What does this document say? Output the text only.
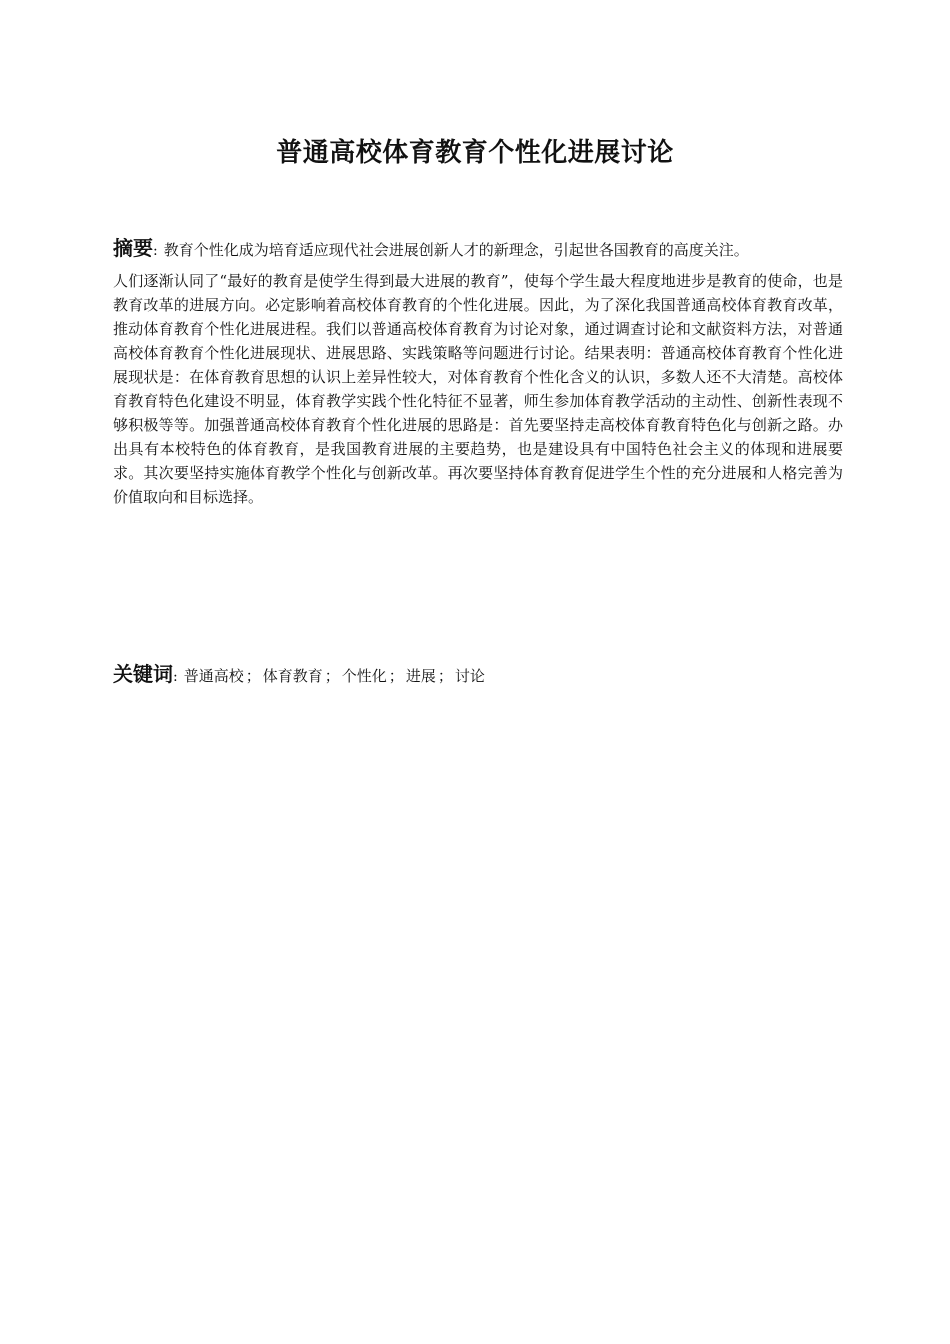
普通高校体育教育个性化进展讨论

摘要: 教育个性化成为培育适应现代社会进展创新人才的新理念，引起世各国教育的高度关注。

人们逐渐认同了“最好的教育是使学生得到最大进展的教育”，使每个学生最大程度地进步是教育的使命，也是教育改革的进展方向。必定影响着高校体育教育的个性化进展。因此，为了深化我国普通高校体育教育改革，推动体育教育个性化进展进程。我们以普通高校体育教育为讨论对象，通过调查讨论和文献资料方法，对普通高校体育教育个性化进展现状、进展思路、实践策略等问题进行讨论。结果表明：普通高校体育教育个性化进展现状是：在体育教育思想的认识上差异性较大，对体育教育个性化含义的认识，多数人还不大清楚。高校体育教育特色化建设不明显，体育教学实践个性化特征不显著，师生参加体育教学活动的主动性、创新性表现不够积极等等。加强普通高校体育教育个性化进展的思路是：首先要坚持走高校体育教育特色化与创新之路。办出具有本校特色的体育教育，是我国教育进展的主要趋势，也是建设具有中国特色社会主义的体现和进展要求。其次要坚持实施体育教学个性化与创新改革。再次要坚持体育教育促进学生个性的充分进展和人格完善为价值取向和目标选择。

关键词: 普通高校 ； 体育教育 ； 个性化 ； 进展 ； 讨论
